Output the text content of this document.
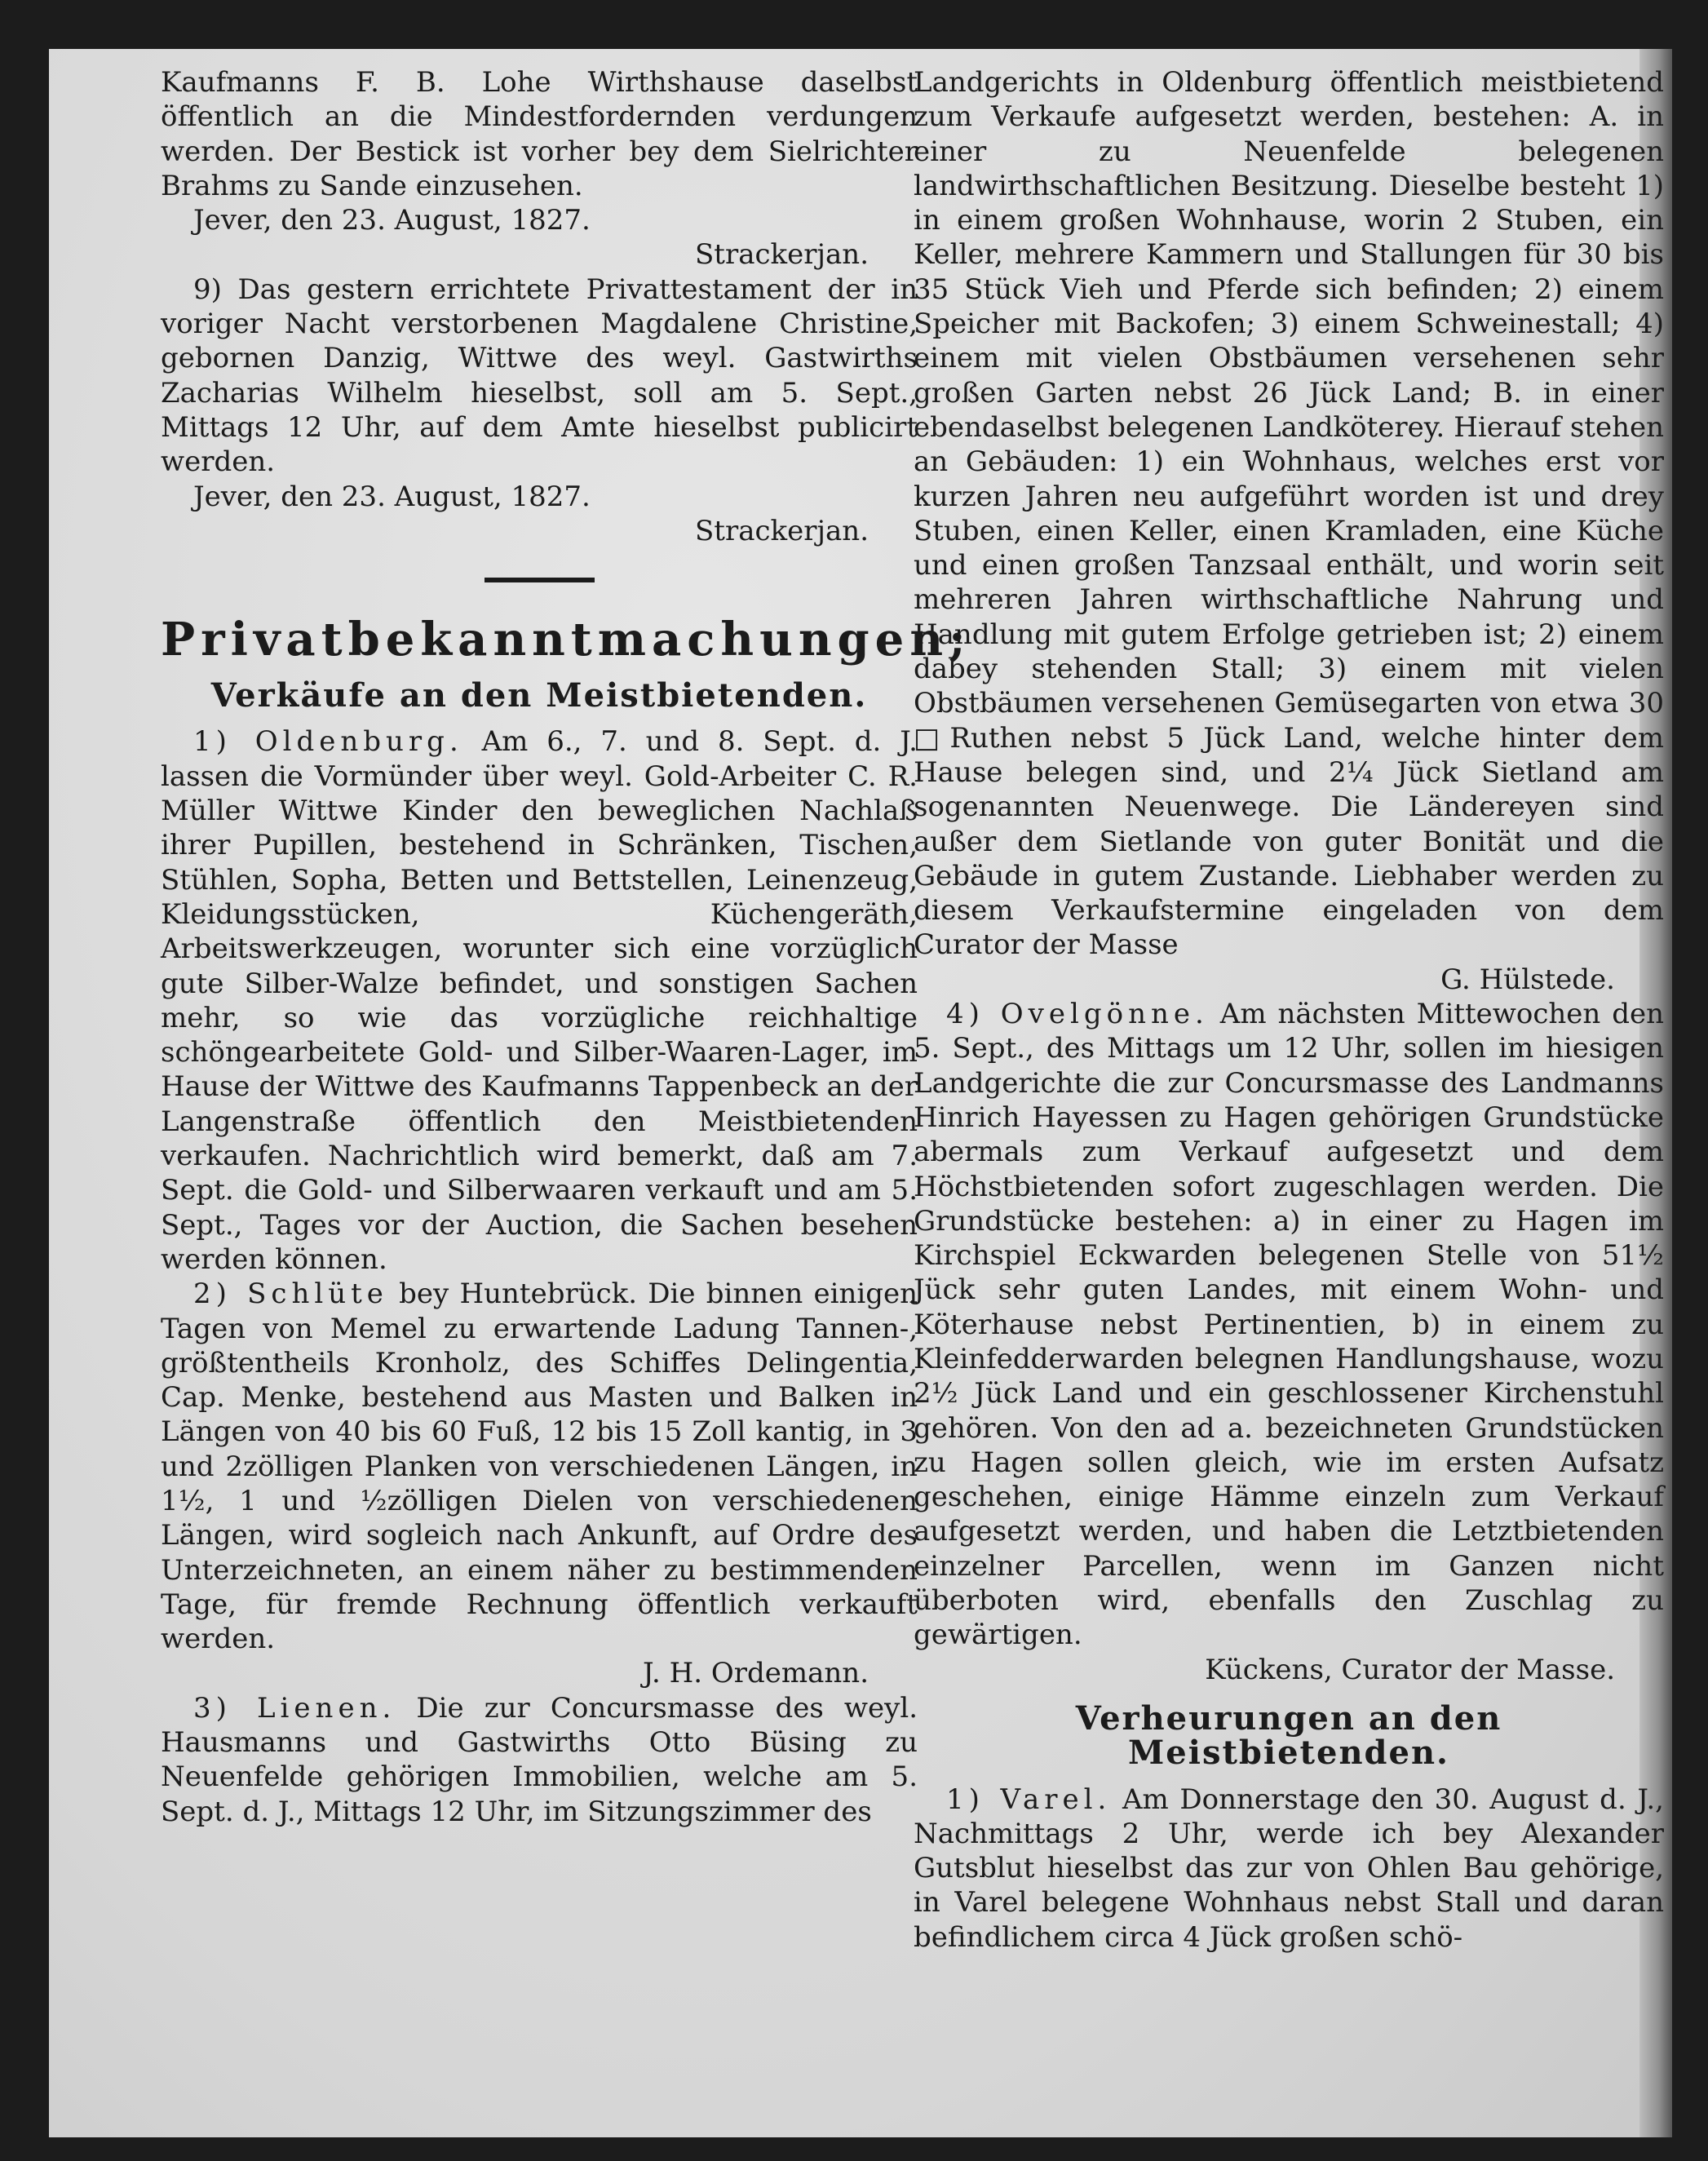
Kaufmanns F. B. Lohe Wirthshause daselbst öffentlich an die Mindestfordernden verdungen werden. Der Bestick ist vorher bey dem Sielrichter Brahms zu Sande einzusehen.

Jever, den 23. August, 1827.

Strackerjan.

9) Das gestern errichtete Privattestament der in voriger Nacht verstorbenen Magdalene Christine, gebornen Danzig, Wittwe des weyl. Gastwirths Zacharias Wilhelm hieselbst, soll am 5. Sept., Mittags 12 Uhr, auf dem Amte hieselbst publicirt werden.

Jever, den 23. August, 1827.

Strackerjan.

Privatbekanntmachungen;
Verkäufe an den Meistbietenden.

1) Oldenburg. Am 6., 7. und 8. Sept. d. J. lassen die Vormünder über weyl. Gold-Arbeiter C. R. Müller Wittwe Kinder den beweglichen Nachlaß ihrer Pupillen, bestehend in Schränken, Tischen, Stühlen, Sopha, Betten und Bettstellen, Leinenzeug, Kleidungsstücken, Küchengeräth, Arbeitswerkzeugen, worunter sich eine vorzüglich gute Silber-Walze befindet, und sonstigen Sachen mehr, so wie das vorzügliche reichhaltige schöngearbeitete Gold- und Silber-Waaren-Lager, im Hause der Wittwe des Kaufmanns Tappenbeck an der Langenstraße öffentlich den Meistbietenden verkaufen. Nachrichtlich wird bemerkt, daß am 7. Sept. die Gold- und Silberwaaren verkauft und am 5. Sept., Tages vor der Auction, die Sachen besehen werden können.

2) Schlüte bey Huntebrück. Die binnen einigen Tagen von Memel zu erwartende Ladung Tannen-, größtentheils Kronholz, des Schiffes Delingentia, Cap. Menke, bestehend aus Masten und Balken in Längen von 40 bis 60 Fuß, 12 bis 15 Zoll kantig, in 3 und 2zölligen Planken von verschiedenen Längen, in 1½, 1 und ½zölligen Dielen von verschiedenen Längen, wird sogleich nach Ankunft, auf Ordre des Unterzeichneten, an einem näher zu bestimmenden Tage, für fremde Rechnung öffentlich verkauft werden.

J. H. Ordemann.

3) Lienen. Die zur Concursmasse des weyl. Hausmanns und Gastwirths Otto Büsing zu Neuenfelde gehörigen Immobilien, welche am 5. Sept. d. J., Mittags 12 Uhr, im Sitzungszimmer des

Landgerichts in Oldenburg öffentlich meistbietend zum Verkaufe aufgesetzt werden, bestehen: A. in einer zu Neuenfelde belegenen landwirthschaftlichen Besitzung. Dieselbe besteht 1) in einem großen Wohnhause, worin 2 Stuben, ein Keller, mehrere Kammern und Stallungen für 30 bis 35 Stück Vieh und Pferde sich befinden; 2) einem Speicher mit Backofen; 3) einem Schweinestall; 4) einem mit vielen Obstbäumen versehenen sehr großen Garten nebst 26 Jück Land; B. in einer ebendaselbst belegenen Landköterey. Hierauf stehen an Gebäuden: 1) ein Wohnhaus, welches erst vor kurzen Jahren neu aufgeführt worden ist und drey Stuben, einen Keller, einen Kramladen, eine Küche und einen großen Tanzsaal enthält, und worin seit mehreren Jahren wirthschaftliche Nahrung und Handlung mit gutem Erfolge getrieben ist; 2) einem dabey stehenden Stall; 3) einem mit vielen Obstbäumen versehenen Gemüsegarten von etwa 30 □Ruthen nebst 5 Jück Land, welche hinter dem Hause belegen sind, und 2¼ Jück Sietland am sogenannten Neuenwege. Die Ländereyen sind außer dem Sietlande von guter Bonität und die Gebäude in gutem Zustande. Liebhaber werden zu diesem Verkaufstermine eingeladen von dem Curator der Masse

G. Hülstede.

4) Ovelgönne. Am nächsten Mittewochen den 5. Sept., des Mittags um 12 Uhr, sollen im hiesigen Landgerichte die zur Concursmasse des Landmanns Hinrich Hayessen zu Hagen gehörigen Grundstücke abermals zum Verkauf aufgesetzt und dem Höchstbietenden sofort zugeschlagen werden. Die Grundstücke bestehen: a) in einer zu Hagen im Kirchspiel Eckwarden belegenen Stelle von 51½ Jück sehr guten Landes, mit einem Wohn- und Köterhause nebst Pertinentien, b) in einem zu Kleinfedderwarden belegnen Handlungshause, wozu 2½ Jück Land und ein geschlossener Kirchenstuhl gehören. Von den ad a. bezeichneten Grundstücken zu Hagen sollen gleich, wie im ersten Aufsatz geschehen, einige Hämme einzeln zum Verkauf aufgesetzt werden, und haben die Letztbietenden einzelner Parcellen, wenn im Ganzen nicht überboten wird, ebenfalls den Zuschlag zu gewärtigen.

Kückens, Curator der Masse.

Verheurungen an den Meistbietenden.

1) Varel. Am Donnerstage den 30. August d. J., Nachmittags 2 Uhr, werde ich bey Alexander Gutsblut hieselbst das zur von Ohlen Bau gehörige, in Varel belegene Wohnhaus nebst Stall und daran befindlichem circa 4 Jück großen schö-
